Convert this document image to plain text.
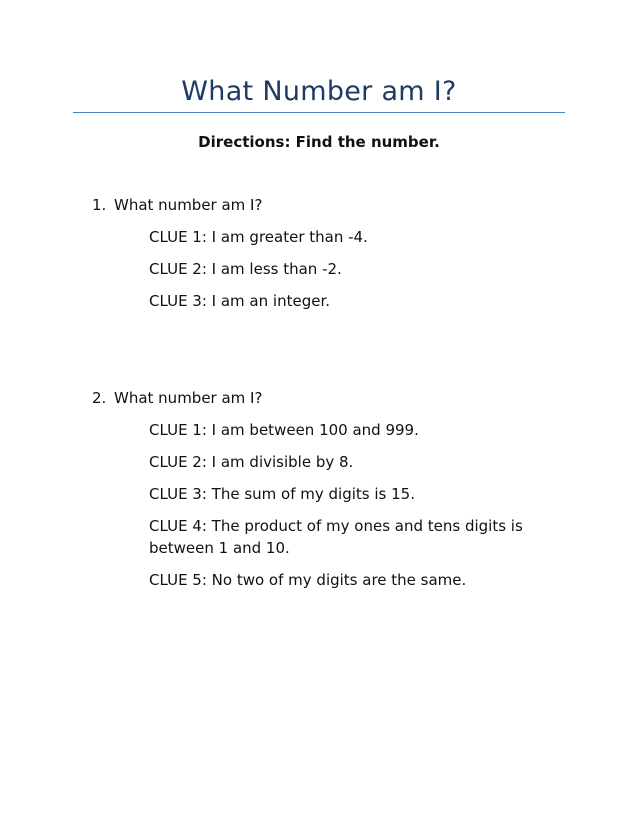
What Number am I?
Directions: Find the number.
1. What number am I?
CLUE 1: I am greater than -4.
CLUE 2: I am less than -2.
CLUE 3: I am an integer.
2. What number am I?
CLUE 1: I am between 100 and 999.
CLUE 2: I am divisible by 8.
CLUE 3: The sum of my digits is 15.
CLUE 4: The product of my ones and tens digits is between 1 and 10.
CLUE 5: No two of my digits are the same.
